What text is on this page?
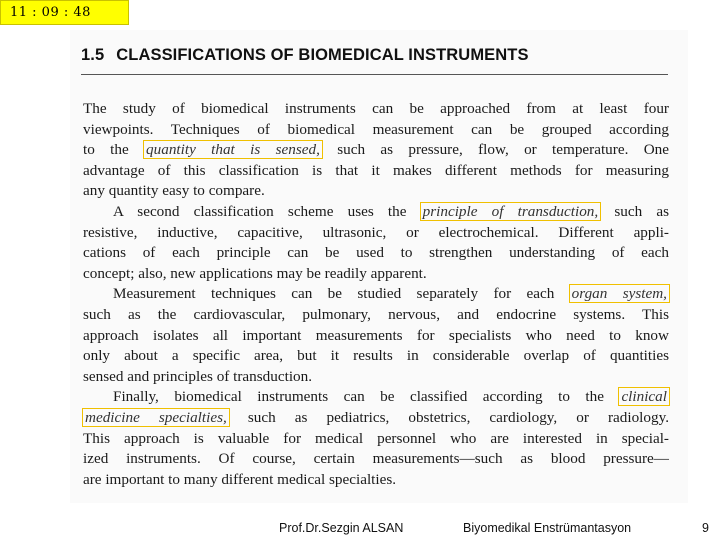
11 : 09 : 48
1.5 CLASSIFICATIONS OF BIOMEDICAL INSTRUMENTS
The study of biomedical instruments can be approached from at least four
viewpoints. Techniques of biomedical measurement can be grouped according
to the quantity that is sensed, such as pressure, flow, or temperature. One
advantage of this classification is that it makes different methods for measuring
any quantity easy to compare.
A second classification scheme uses the principle of transduction, such as
resistive, inductive, capacitive, ultrasonic, or electrochemical. Different appli-
cations of each principle can be used to strengthen understanding of each
concept; also, new applications may be readily apparent.
Measurement techniques can be studied separately for each organ system,
such as the cardiovascular, pulmonary, nervous, and endocrine systems. This
approach isolates all important measurements for specialists who need to know
only about a specific area, but it results in considerable overlap of quantities
sensed and principles of transduction.
Finally, biomedical instruments can be classified according to the clinical
medicine specialties, such as pediatrics, obstetrics, cardiology, or radiology.
This approach is valuable for medical personnel who are interested in special-
ized instruments. Of course, certain measurements—such as blood pressure—
are important to many different medical specialties.
Prof.Dr.Sezgin ALSAN	Biyomedikal Enstrümantasyon	9
